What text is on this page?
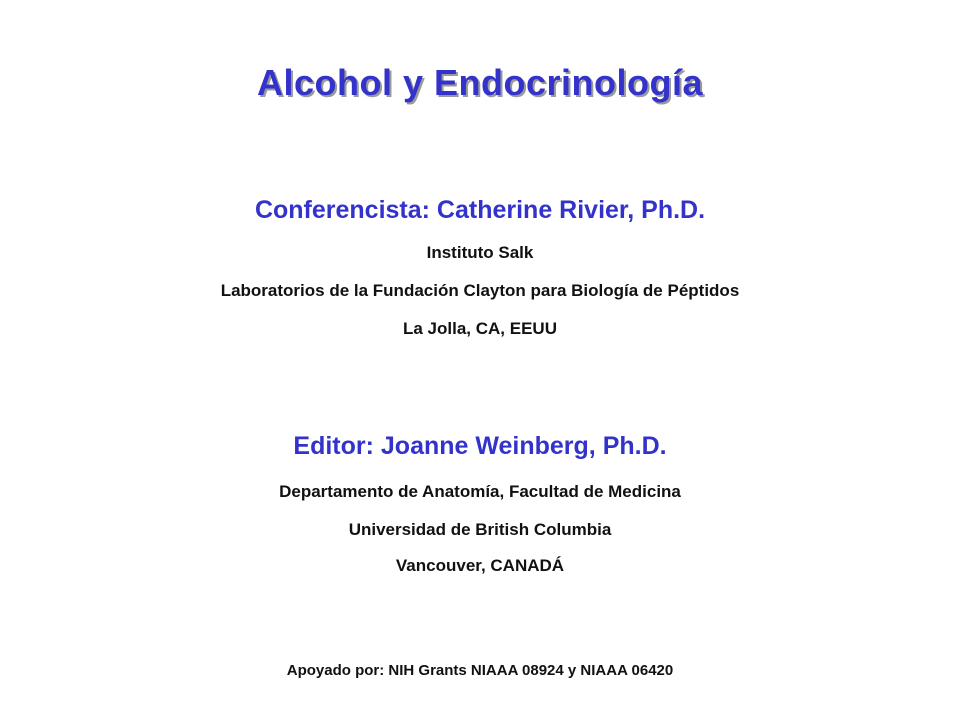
Alcohol y Endocrinología
Conferencista: Catherine Rivier, Ph.D.
Instituto Salk
Laboratorios de la Fundación Clayton para Biología de Péptidos
La Jolla, CA, EEUU
Editor: Joanne Weinberg, Ph.D.
Departamento de Anatomía, Facultad de Medicina
Universidad de British Columbia
Vancouver, CANADÁ
Apoyado por: NIH Grants NIAAA 08924 y NIAAA 06420
